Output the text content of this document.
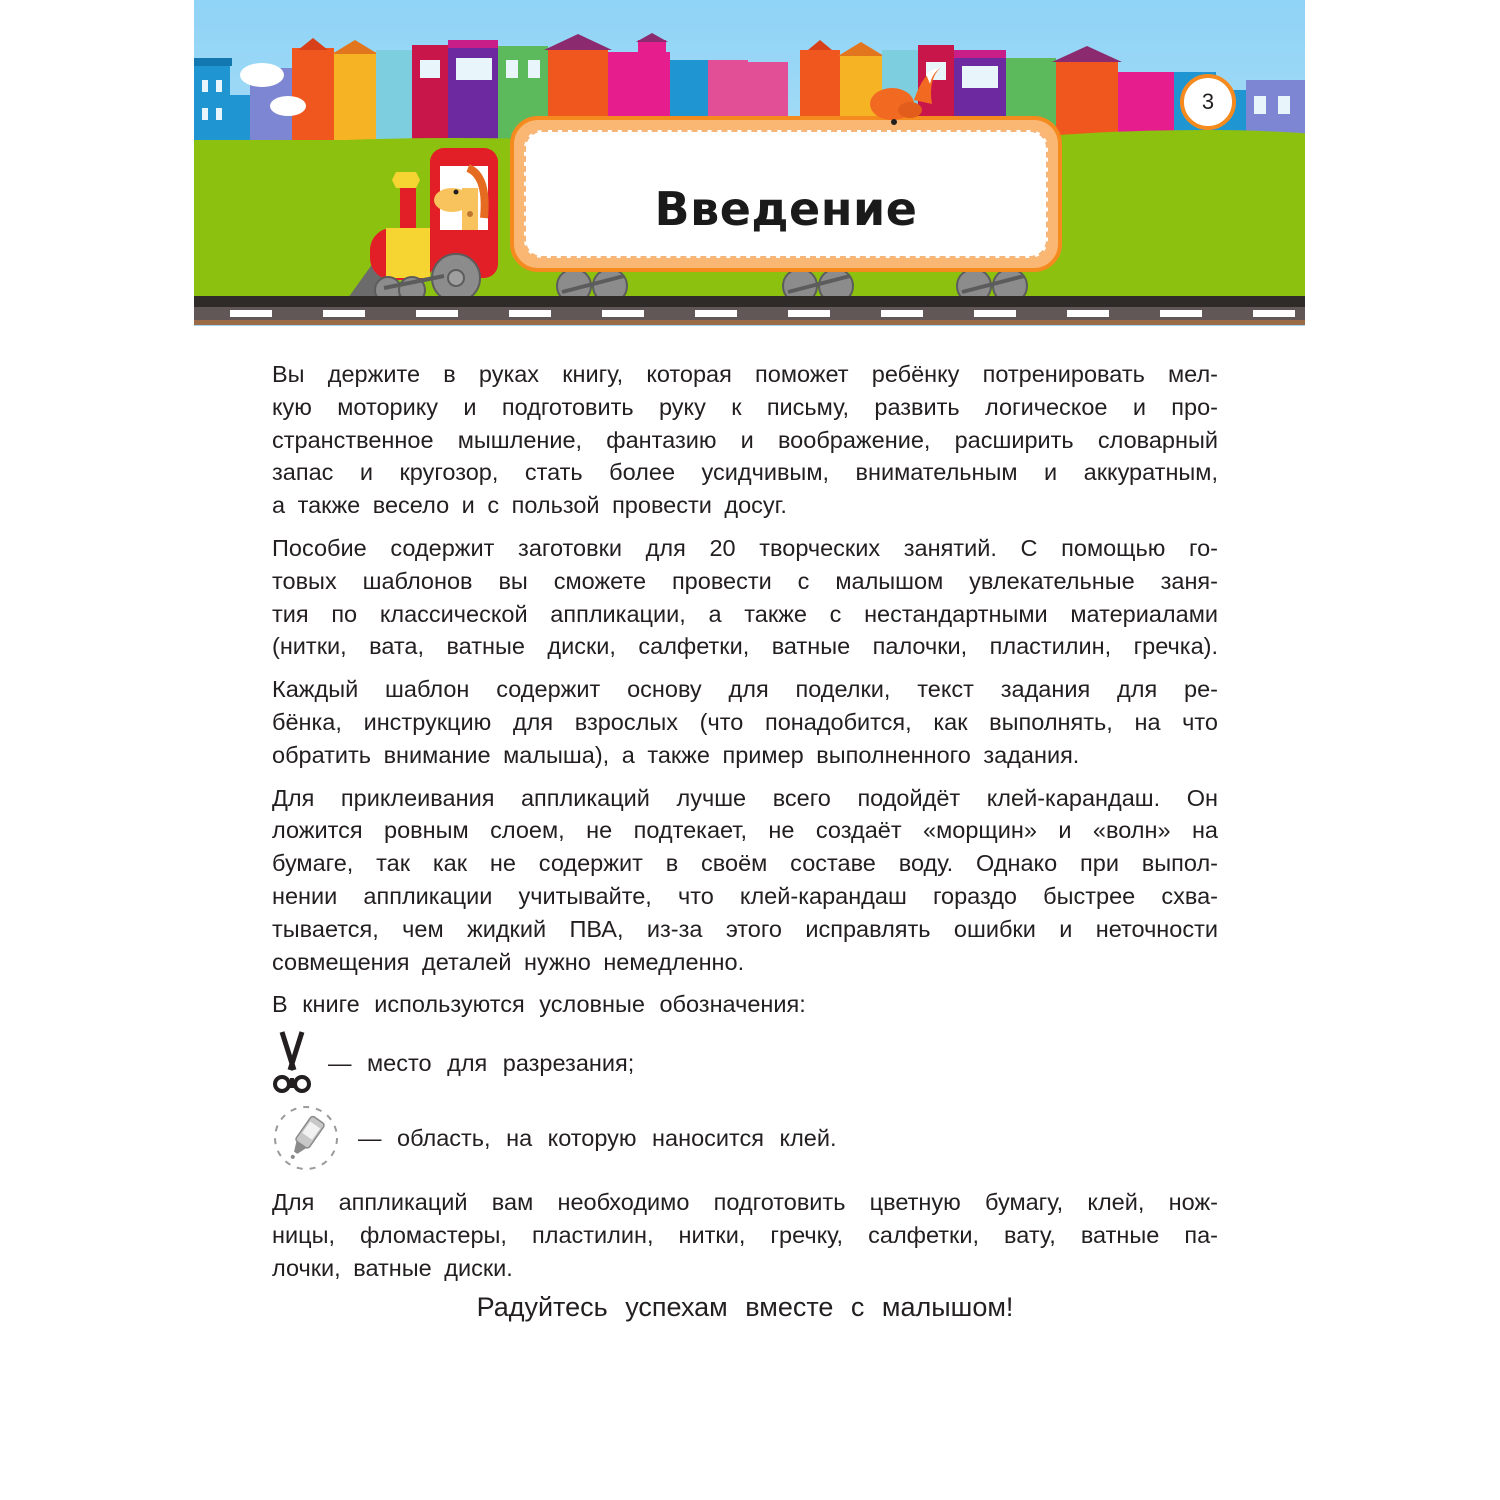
Введение
3

Вы держите в руках книгу, которая поможет ребёнку потренировать мел-
кую моторику и подготовить руку к письму, развить логическое и про-
странственное мышление, фантазию и воображение, расширить словарный
запас и кругозор, стать более усидчивым, внимательным и аккуратным,
а также весело и с пользой провести досуг.

Пособие содержит заготовки для 20 творческих занятий. С помощью го-
товых шаблонов вы сможете провести с малышом увлекательные заня-
тия по классической аппликации, а также с нестандартными материалами
(нитки, вата, ватные диски, салфетки, ватные палочки, пластилин, гречка).

Каждый шаблон содержит основу для поделки, текст задания для ре-
бёнка, инструкцию для взрослых (что понадобится, как выполнять, на что
обратить внимание малыша), а также пример выполненного задания.

Для приклеивания аппликаций лучше всего подойдёт клей-карандаш. Он
ложится ровным слоем, не подтекает, не создаёт «морщин» и «волн» на
бумаге, так как не содержит в своём составе воду. Однако при выпол-
нении аппликации учитывайте, что клей-карандаш гораздо быстрее схва-
тывается, чем жидкий ПВА, из-за этого исправлять ошибки и неточности
совмещения деталей нужно немедленно.

В книге используются условные обозначения:

— место для разрезания;
— область, на которую наносится клей.

Для аппликаций вам необходимо подготовить цветную бумагу, клей, нож-
ницы, фломастеры, пластилин, нитки, гречку, салфетки, вату, ватные па-
лочки, ватные диски.

Радуйтесь успехам вместе с малышом!
